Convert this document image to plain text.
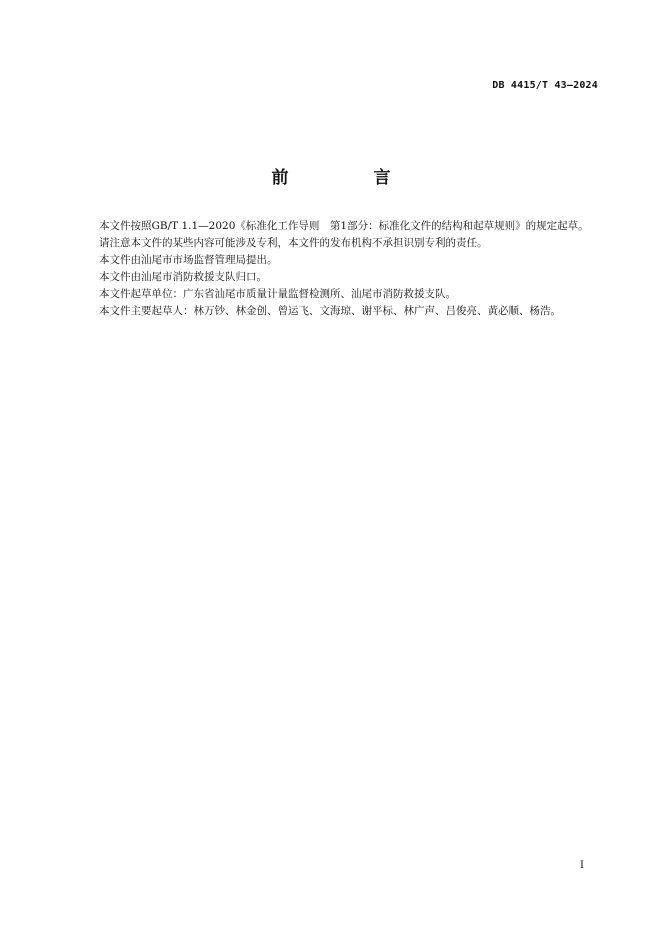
DB 4415/T 43—2024
前　言

本文件按照GB/T 1.1—2020《标准化工作导则　第1部分：标准化文件的结构和起草规则》的规定起草。

请注意本文件的某些内容可能涉及专利，本文件的发布机构不承担识别专利的责任。

本文件由汕尾市市场监督管理局提出。

本文件由汕尾市消防救援支队归口。

本文件起草单位：广东省汕尾市质量计量监督检测所、汕尾市消防救援支队。

本文件主要起草人：林万钞、林金创、曾运飞、文海琼、谢平标、林广声、吕俊亮、黄必顺、杨浩。

I
